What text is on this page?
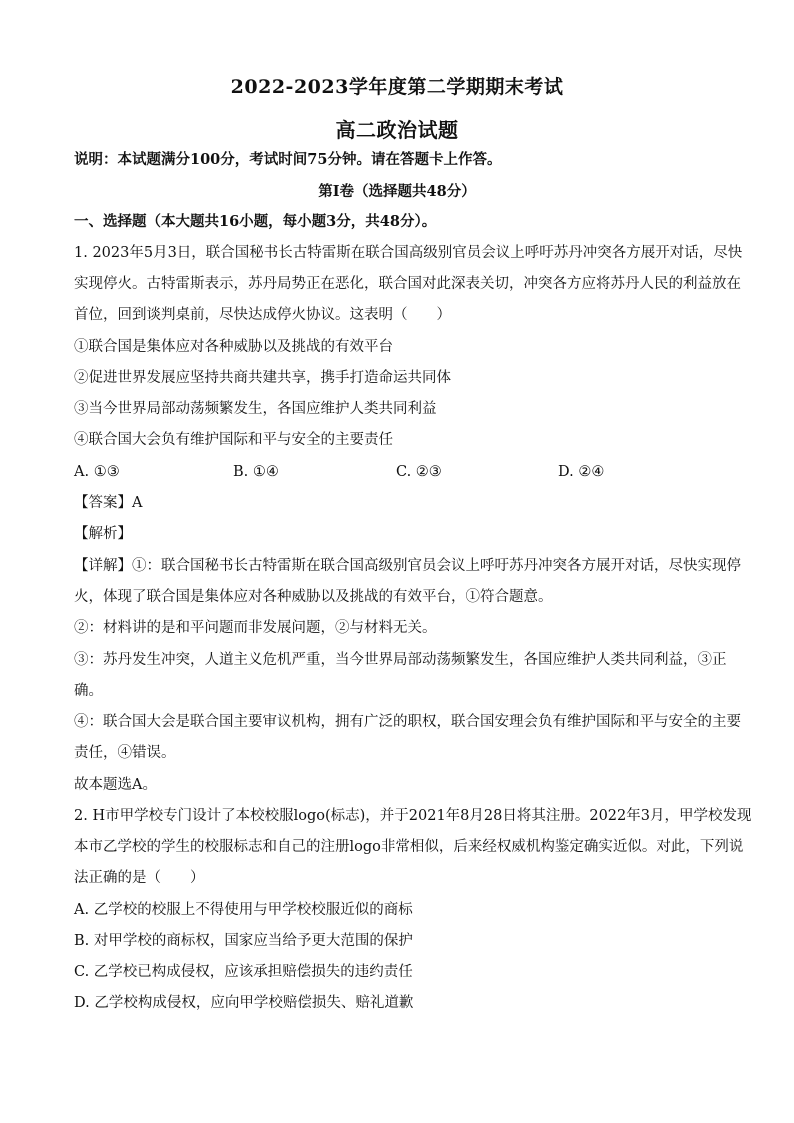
2022-2023学年度第二学期期末考试
高二政治试题
说明：本试题满分100分，考试时间75分钟。请在答题卡上作答。
第Ⅰ卷（选择题共48分）
一、选择题（本大题共16小题，每小题3分，共48分）。
1. 2023年5月3日，联合国秘书长古特雷斯在联合国高级别官员会议上呼吁苏丹冲突各方展开对话，尽快
实现停火。古特雷斯表示，苏丹局势正在恶化，联合国对此深表关切，冲突各方应将苏丹人民的利益放在
首位，回到谈判桌前，尽快达成停火协议。这表明（　　）
①联合国是集体应对各种威胁以及挑战的有效平台
②促进世界发展应坚持共商共建共享，携手打造命运共同体
③当今世界局部动荡频繁发生，各国应维护人类共同利益
④联合国大会负有维护国际和平与安全的主要责任
A. ①③	B. ①④	C. ②③	D. ②④
【答案】A
【解析】
【详解】①：联合国秘书长古特雷斯在联合国高级别官员会议上呼吁苏丹冲突各方展开对话，尽快实现停
火，体现了联合国是集体应对各种威胁以及挑战的有效平台，①符合题意。
②：材料讲的是和平问题而非发展问题，②与材料无关。
③：苏丹发生冲突，人道主义危机严重，当今世界局部动荡频繁发生，各国应维护人类共同利益，③正
确。
④：联合国大会是联合国主要审议机构，拥有广泛的职权，联合国安理会负有维护国际和平与安全的主要
责任，④错误。
故本题选A。
2. H市甲学校专门设计了本校校服logo(标志)，并于2021年8月28日将其注册。2022年3月，甲学校发现
本市乙学校的学生的校服标志和自己的注册logo非常相似，后来经权威机构鉴定确实近似。对此，下列说
法正确的是（　　）
A. 乙学校的校服上不得使用与甲学校校服近似的商标
B. 对甲学校的商标权，国家应当给予更大范围的保护
C. 乙学校已构成侵权，应该承担赔偿损失的违约责任
D. 乙学校构成侵权，应向甲学校赔偿损失、赔礼道歉
